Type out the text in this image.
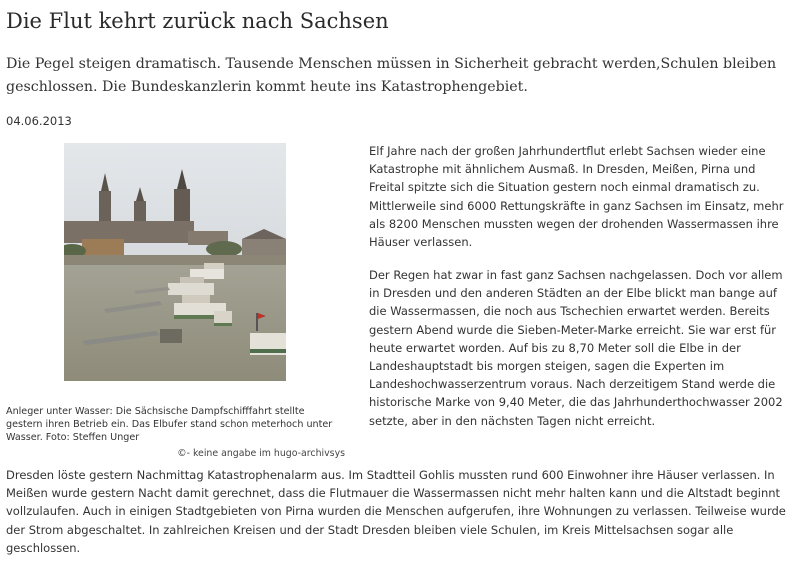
Die Flut kehrt zurück nach Sachsen

Die Pegel steigen dramatisch. Tausende Menschen müssen in Sicherheit gebracht werden,Schulen bleiben geschlossen. Die Bundeskanzlerin kommt heute ins Katastrophengebiet.

04.06.2013
Anleger unter Wasser: Die Sächsische Dampfschifffahrt stellte gestern ihren Betrieb ein. Das Elbufer stand schon meterhoch unter Wasser. Foto: Steffen Unger
©- keine angabe im hugo-archivsys

Elf Jahre nach der großen Jahrhundertflut erlebt Sachsen wieder eine Katastrophe mit ähnlichem Ausmaß. In Dresden, Meißen, Pirna und Freital spitzte sich die Situation gestern noch einmal dramatisch zu. Mittlerweile sind 6000 Rettungskräfte in ganz Sachsen im Einsatz, mehr als 8200 Menschen mussten wegen der drohenden Wassermassen ihre Häuser verlassen.

Der Regen hat zwar in fast ganz Sachsen nachgelassen. Doch vor allem in Dresden und den anderen Städten an der Elbe blickt man bange auf die Wassermassen, die noch aus Tschechien erwartet werden. Bereits gestern Abend wurde die Sieben-Meter-Marke erreicht. Sie war erst für heute erwartet worden. Auf bis zu 8,70 Meter soll die Elbe in der Landeshauptstadt bis morgen steigen, sagen die Experten im Landeshochwasserzentrum voraus. Nach derzeitigem Stand werde die historische Marke von 9,40 Meter, die das Jahrhunderthochwasser 2002 setzte, aber in den nächsten Tagen nicht erreicht.

Dresden löste gestern Nachmittag Katastrophenalarm aus. Im Stadtteil Gohlis mussten rund 600 Einwohner ihre Häuser verlassen. In Meißen wurde gestern Nacht damit gerechnet, dass die Flutmauer die Wassermassen nicht mehr halten kann und die Altstadt beginnt vollzulaufen. Auch in einigen Stadtgebieten von Pirna wurden die Menschen aufgerufen, ihre Wohnungen zu verlassen. Teilweise wurde der Strom abgeschaltet. In zahlreichen Kreisen und der Stadt Dresden bleiben viele Schulen, im Kreis Mittelsachsen sogar alle geschlossen.
